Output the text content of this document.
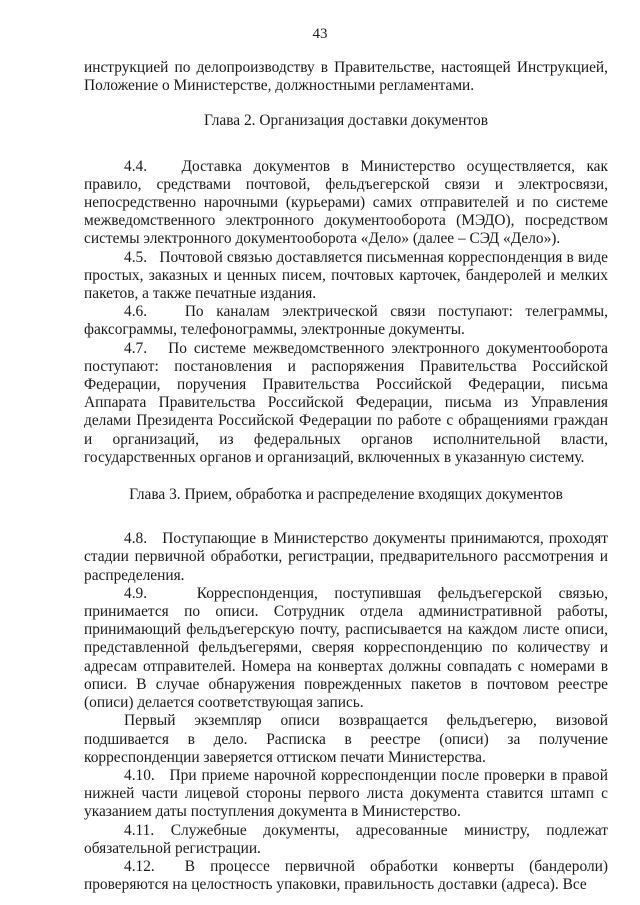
43

инструкцией по делопроизводству в Правительстве, настоящей Инструкцией, Положение о Министерстве, должностными регламентами.

Глава 2. Организация доставки документов

4.4.   Доставка документов в Министерство осуществляется, как правило, средствами почтовой, фельдъегерской связи и электросвязи, непосредственно нарочными (курьерами) самих отправителей и по системе межведомственного электронного документооборота (МЭДО), посредством системы электронного документооборота «Дело» (далее – СЭД «Дело»).

4.5.   Почтовой связью доставляется письменная корреспонденция в виде простых, заказных и ценных писем, почтовых карточек, бандеролей и мелких пакетов, а также печатные издания.

4.6.   По каналам электрической связи поступают: телеграммы, факсограммы, телефонограммы, электронные документы.

4.7.   По системе межведомственного электронного документооборота поступают: постановления и распоряжения Правительства Российской Федерации, поручения Правительства Российской Федерации, письма Аппарата Правительства Российской Федерации, письма из Управления делами Президента Российской Федерации по работе с обращениями граждан и организаций, из федеральных органов исполнительной власти, государственных органов и организаций, включенных в указанную систему.

Глава 3. Прием, обработка и распределение входящих документов

4.8.   Поступающие в Министерство документы принимаются, проходят стадии первичной обработки, регистрации, предварительного рассмотрения и распределения.

4.9.   Корреспонденция, поступившая фельдъегерской связью, принимается по описи. Сотрудник отдела административной работы, принимающий фельдъегерскую почту, расписывается на каждом листе описи, представленной фельдъегерями, сверяя корреспонденцию по количеству и адресам отправителей. Номера на конвертах должны совпадать с номерами в описи. В случае обнаружения поврежденных пакетов в почтовом реестре (описи) делается соответствующая запись.

Первый экземпляр описи возвращается фельдъегерю, визовой подшивается в дело. Расписка в реестре (описи) за получение корреспонденции заверяется оттиском печати Министерства.

4.10.   При приеме нарочной корреспонденции после проверки в правой нижней части лицевой стороны первого листа документа ставится штамп с указанием даты поступления документа в Министерство.

4.11. Служебные документы, адресованные министру, подлежат обязательной регистрации.

4.12.  В процессе первичной обработки конверты (бандероли) проверяются на целостность упаковки, правильность доставки (адреса). Все
